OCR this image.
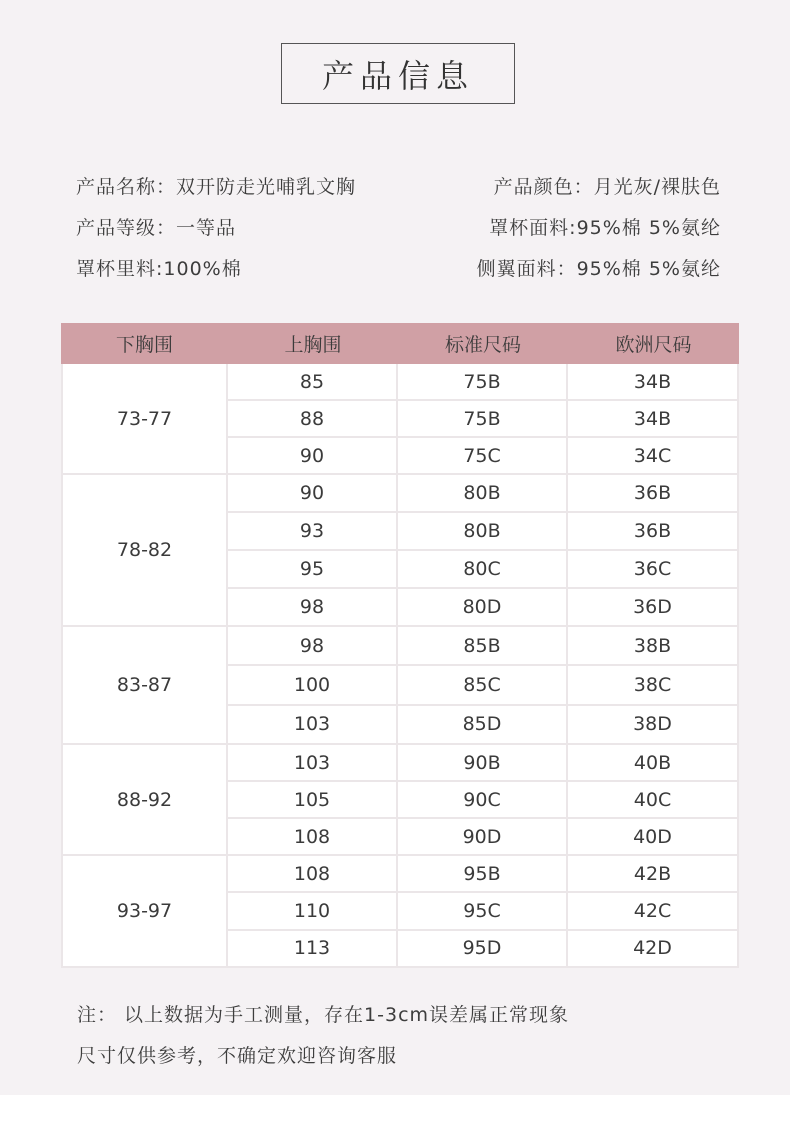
产品信息
产品名称：双开防走光哺乳文胸	产品颜色：月光灰/裸肤色
产品等级：一等品	罩杯面料:95%棉 5%氨纶
罩杯里料:100%棉	侧翼面料：95%棉 5%氨纶
下胸围	上胸围	标准尺码	欧洲尺码
73-77
85	75B	34B
88	75B	34B
90	75C	34C
78-82
90	80B	36B
93	80B	36B
95	80C	36C
98	80D	36D
83-87
98	85B	38B
100	85C	38C
103	85D	38D
88-92
103	90B	40B
105	90C	40C
108	90D	40D
93-97
108	95B	42B
110	95C	42C
113	95D	42D
注： 以上数据为手工测量，存在1-3cm误差属正常现象
尺寸仅供参考，不确定欢迎咨询客服
